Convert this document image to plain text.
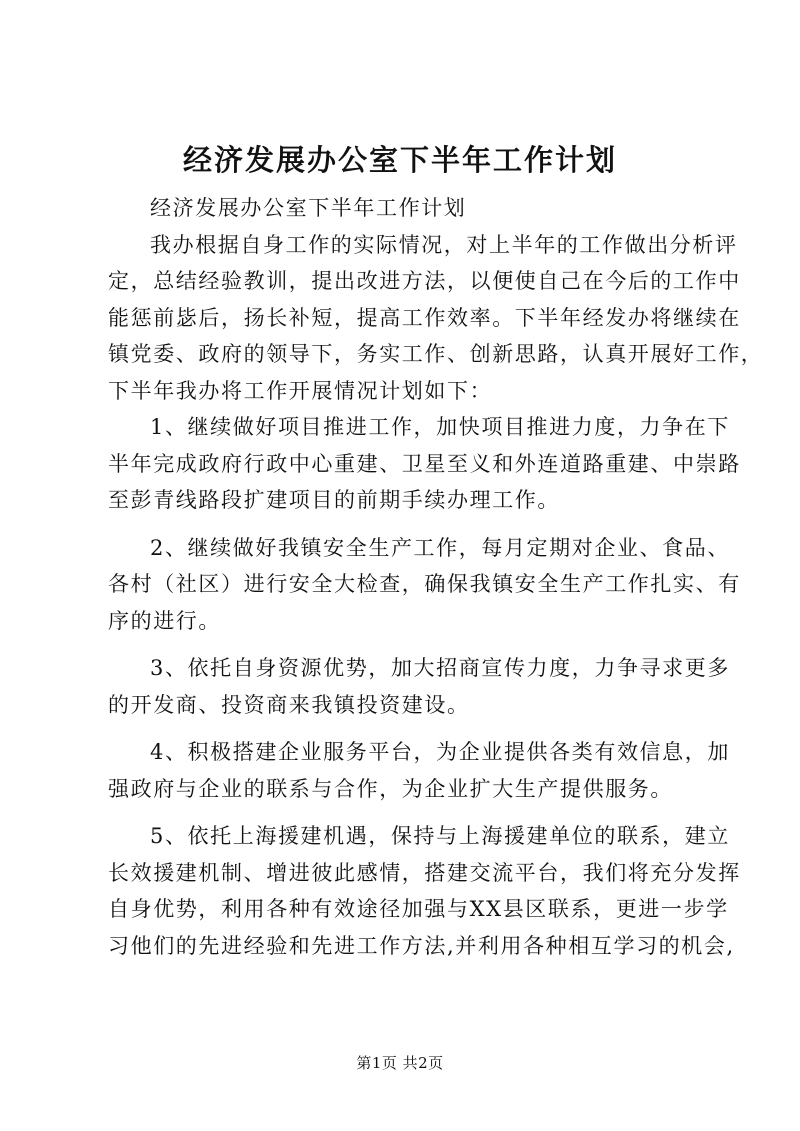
经济发展办公室下半年工作计划
经济发展办公室下半年工作计划
我办根据自身工作的实际情况，对上半年的工作做出分析评
定，总结经验教训，提出改进方法，以便使自己在今后的工作中
能惩前毖后，扬长补短，提高工作效率。下半年经发办将继续在
镇党委、政府的领导下，务实工作、创新思路，认真开展好工作，
下半年我办将工作开展情况计划如下：
1、继续做好项目推进工作，加快项目推进力度，力争在下
半年完成政府行政中心重建、卫星至义和外连道路重建、中崇路
至彭青线路段扩建项目的前期手续办理工作。
2、继续做好我镇安全生产工作，每月定期对企业、食品、
各村（社区）进行安全大检查，确保我镇安全生产工作扎实、有
序的进行。
3、依托自身资源优势，加大招商宣传力度，力争寻求更多
的开发商、投资商来我镇投资建设。
4、积极搭建企业服务平台，为企业提供各类有效信息，加
强政府与企业的联系与合作，为企业扩大生产提供服务。
5、依托上海援建机遇，保持与上海援建单位的联系，建立
长效援建机制、增进彼此感情，搭建交流平台，我们将充分发挥
自身优势，利用各种有效途径加强与XX县区联系，更进一步学
习他们的先进经验和先进工作方法,并利用各种相互学习的机会,
第1页 共2页
